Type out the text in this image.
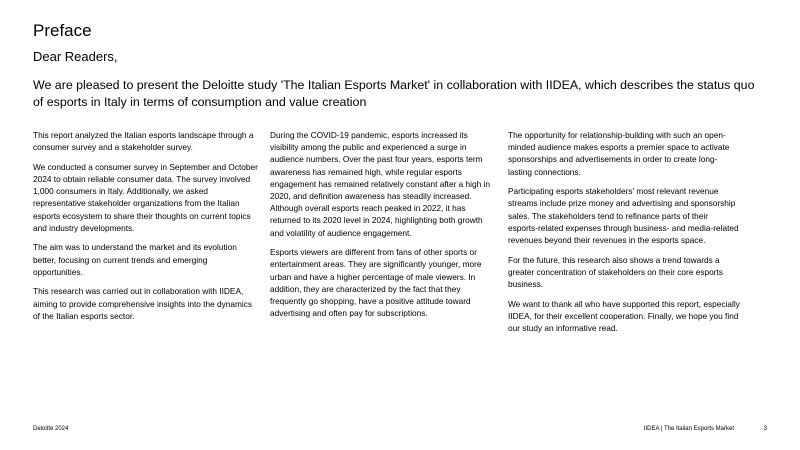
Preface
Dear Readers,
We are pleased to present the Deloitte study 'The Italian Esports Market' in collaboration with IIDEA, which describes the status quo of esports in Italy in terms of consumption and value creation

This report analyzed the Italian esports landscape through a consumer survey and a stakeholder survey.

We conducted a consumer survey in September and October 2024 to obtain reliable consumer data. The survey involved 1,000 consumers in Italy. Additionally, we asked representative stakeholder organizations from the Italian esports ecosystem to share their thoughts on current topics and industry developments.

The aim was to understand the market and its evolution better, focusing on current trends and emerging opportunities.

This research was carried out in collaboration with IIDEA, aiming to provide comprehensive insights into the dynamics of the Italian esports sector.

During the COVID-19 pandemic, esports increased its visibility among the public and experienced a surge in audience numbers. Over the past four years, esports term awareness has remained high, while regular esports engagement has remained relatively constant after a high in 2020, and definition awareness has steadily increased. Although overall esports reach peaked in 2022, it has returned to its 2020 level in 2024, highlighting both growth and volatility of audience engagement.

Esports viewers are different from fans of other sports or entertainment areas. They are significantly younger, more urban and have a higher percentage of male viewers. In addition, they are characterized by the fact that they frequently go shopping, have a positive attitude toward advertising and often pay for subscriptions.

The opportunity for relationship-building with such an open-minded audience makes esports a premier space to activate sponsorships and advertisements in order to create long-lasting connections.

Participating esports stakeholders' most relevant revenue streams include prize money and advertising and sponsorship sales. The stakeholders tend to refinance parts of their esports-related expenses through business- and media-related revenues beyond their revenues in the esports space.

For the future, this research also shows a trend towards a greater concentration of stakeholders on their core esports business.

We want to thank all who have supported this report, especially IIDEA, for their excellent cooperation. Finally, we hope you find our study an informative read.

Deloitte 2024	IIDEA | The Italian Esports Market	3
